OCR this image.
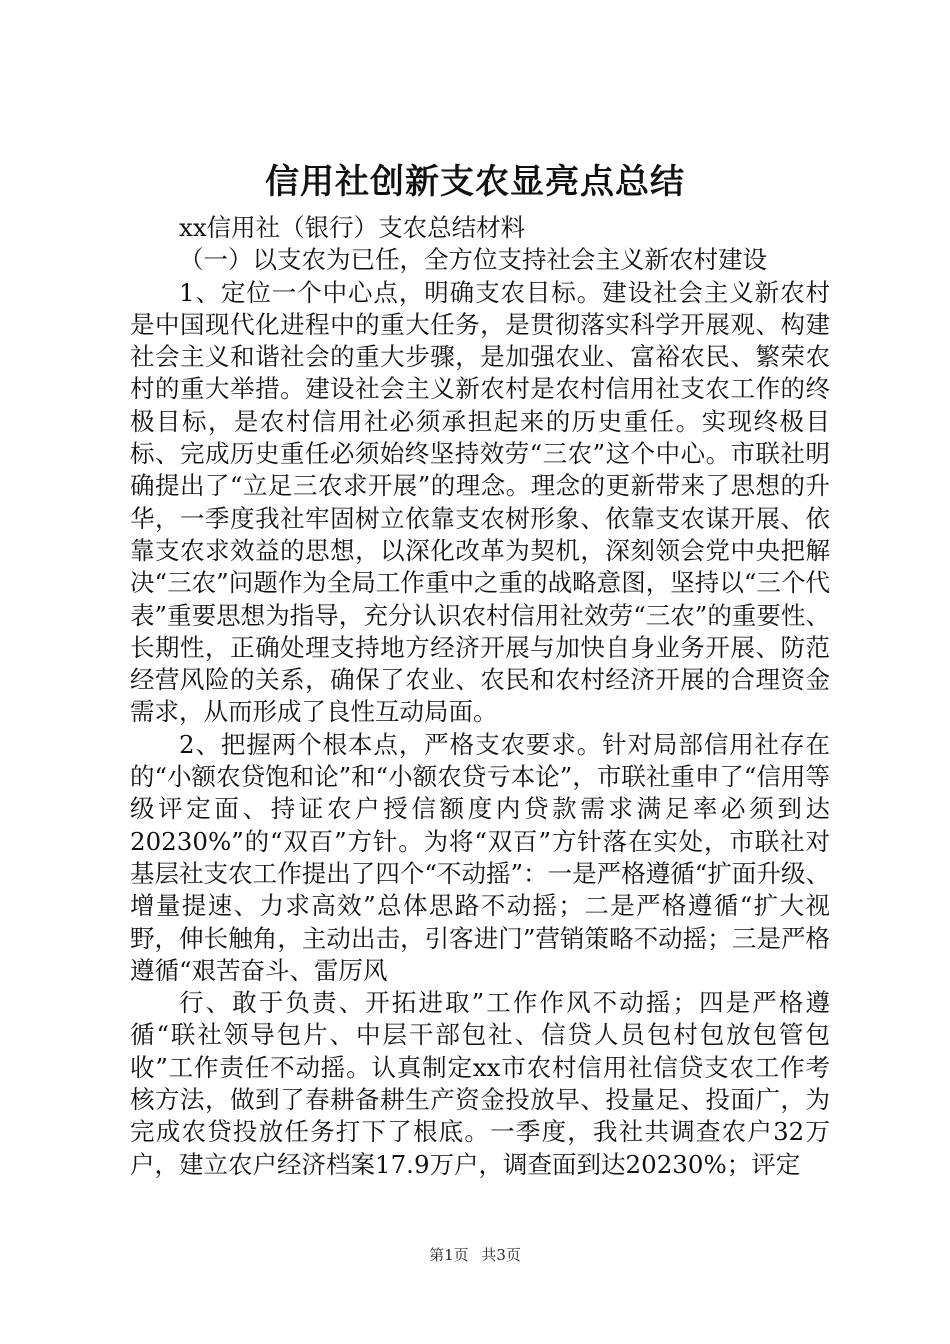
信用社创新支农显亮点总结

xx信用社（银行）支农总结材料

（一）以支农为已任，全方位支持社会主义新农村建设

1、定位一个中心点，明确支农目标。建设社会主义新农村是中国现代化进程中的重大任务，是贯彻落实科学开展观、构建社会主义和谐社会的重大步骤，是加强农业、富裕农民、繁荣农村的重大举措。建设社会主义新农村是农村信用社支农工作的终极目标，是农村信用社必须承担起来的历史重任。实现终极目标、完成历史重任必须始终坚持效劳“三农”这个中心。市联社明确提出了“立足三农求开展”的理念。理念的更新带来了思想的升华，一季度我社牢固树立依靠支农树形象、依靠支农谋开展、依靠支农求效益的思想，以深化改革为契机，深刻领会党中央把解决“三农”问题作为全局工作重中之重的战略意图，坚持以“三个代表”重要思想为指导，充分认识农村信用社效劳“三农”的重要性、长期性，正确处理支持地方经济开展与加快自身业务开展、防范经营风险的关系，确保了农业、农民和农村经济开展的合理资金需求，从而形成了良性互动局面。

2、把握两个根本点，严格支农要求。针对局部信用社存在的“小额农贷饱和论”和“小额农贷亏本论”，市联社重申了“信用等级评定面、持证农户授信额度内贷款需求满足率必须到达20230%”的“双百”方针。为将“双百”方针落在实处，市联社对基层社支农工作提出了四个“不动摇”：一是严格遵循“扩面升级、增量提速、力求高效”总体思路不动摇；二是严格遵循“扩大视野，伸长触角，主动出击，引客进门”营销策略不动摇；三是严格遵循“艰苦奋斗、雷厉风

行、敢于负责、开拓进取”工作作风不动摇；四是严格遵循“联社领导包片、中层干部包社、信贷人员包村包放包管包收”工作责任不动摇。认真制定xx市农村信用社信贷支农工作考核方法，做到了春耕备耕生产资金投放早、投量足、投面广，为完成农贷投放任务打下了根底。一季度，我社共调查农户32万户，建立农户经济档案17.9万户，调查面到达20230%；评定

第1页 共3页
